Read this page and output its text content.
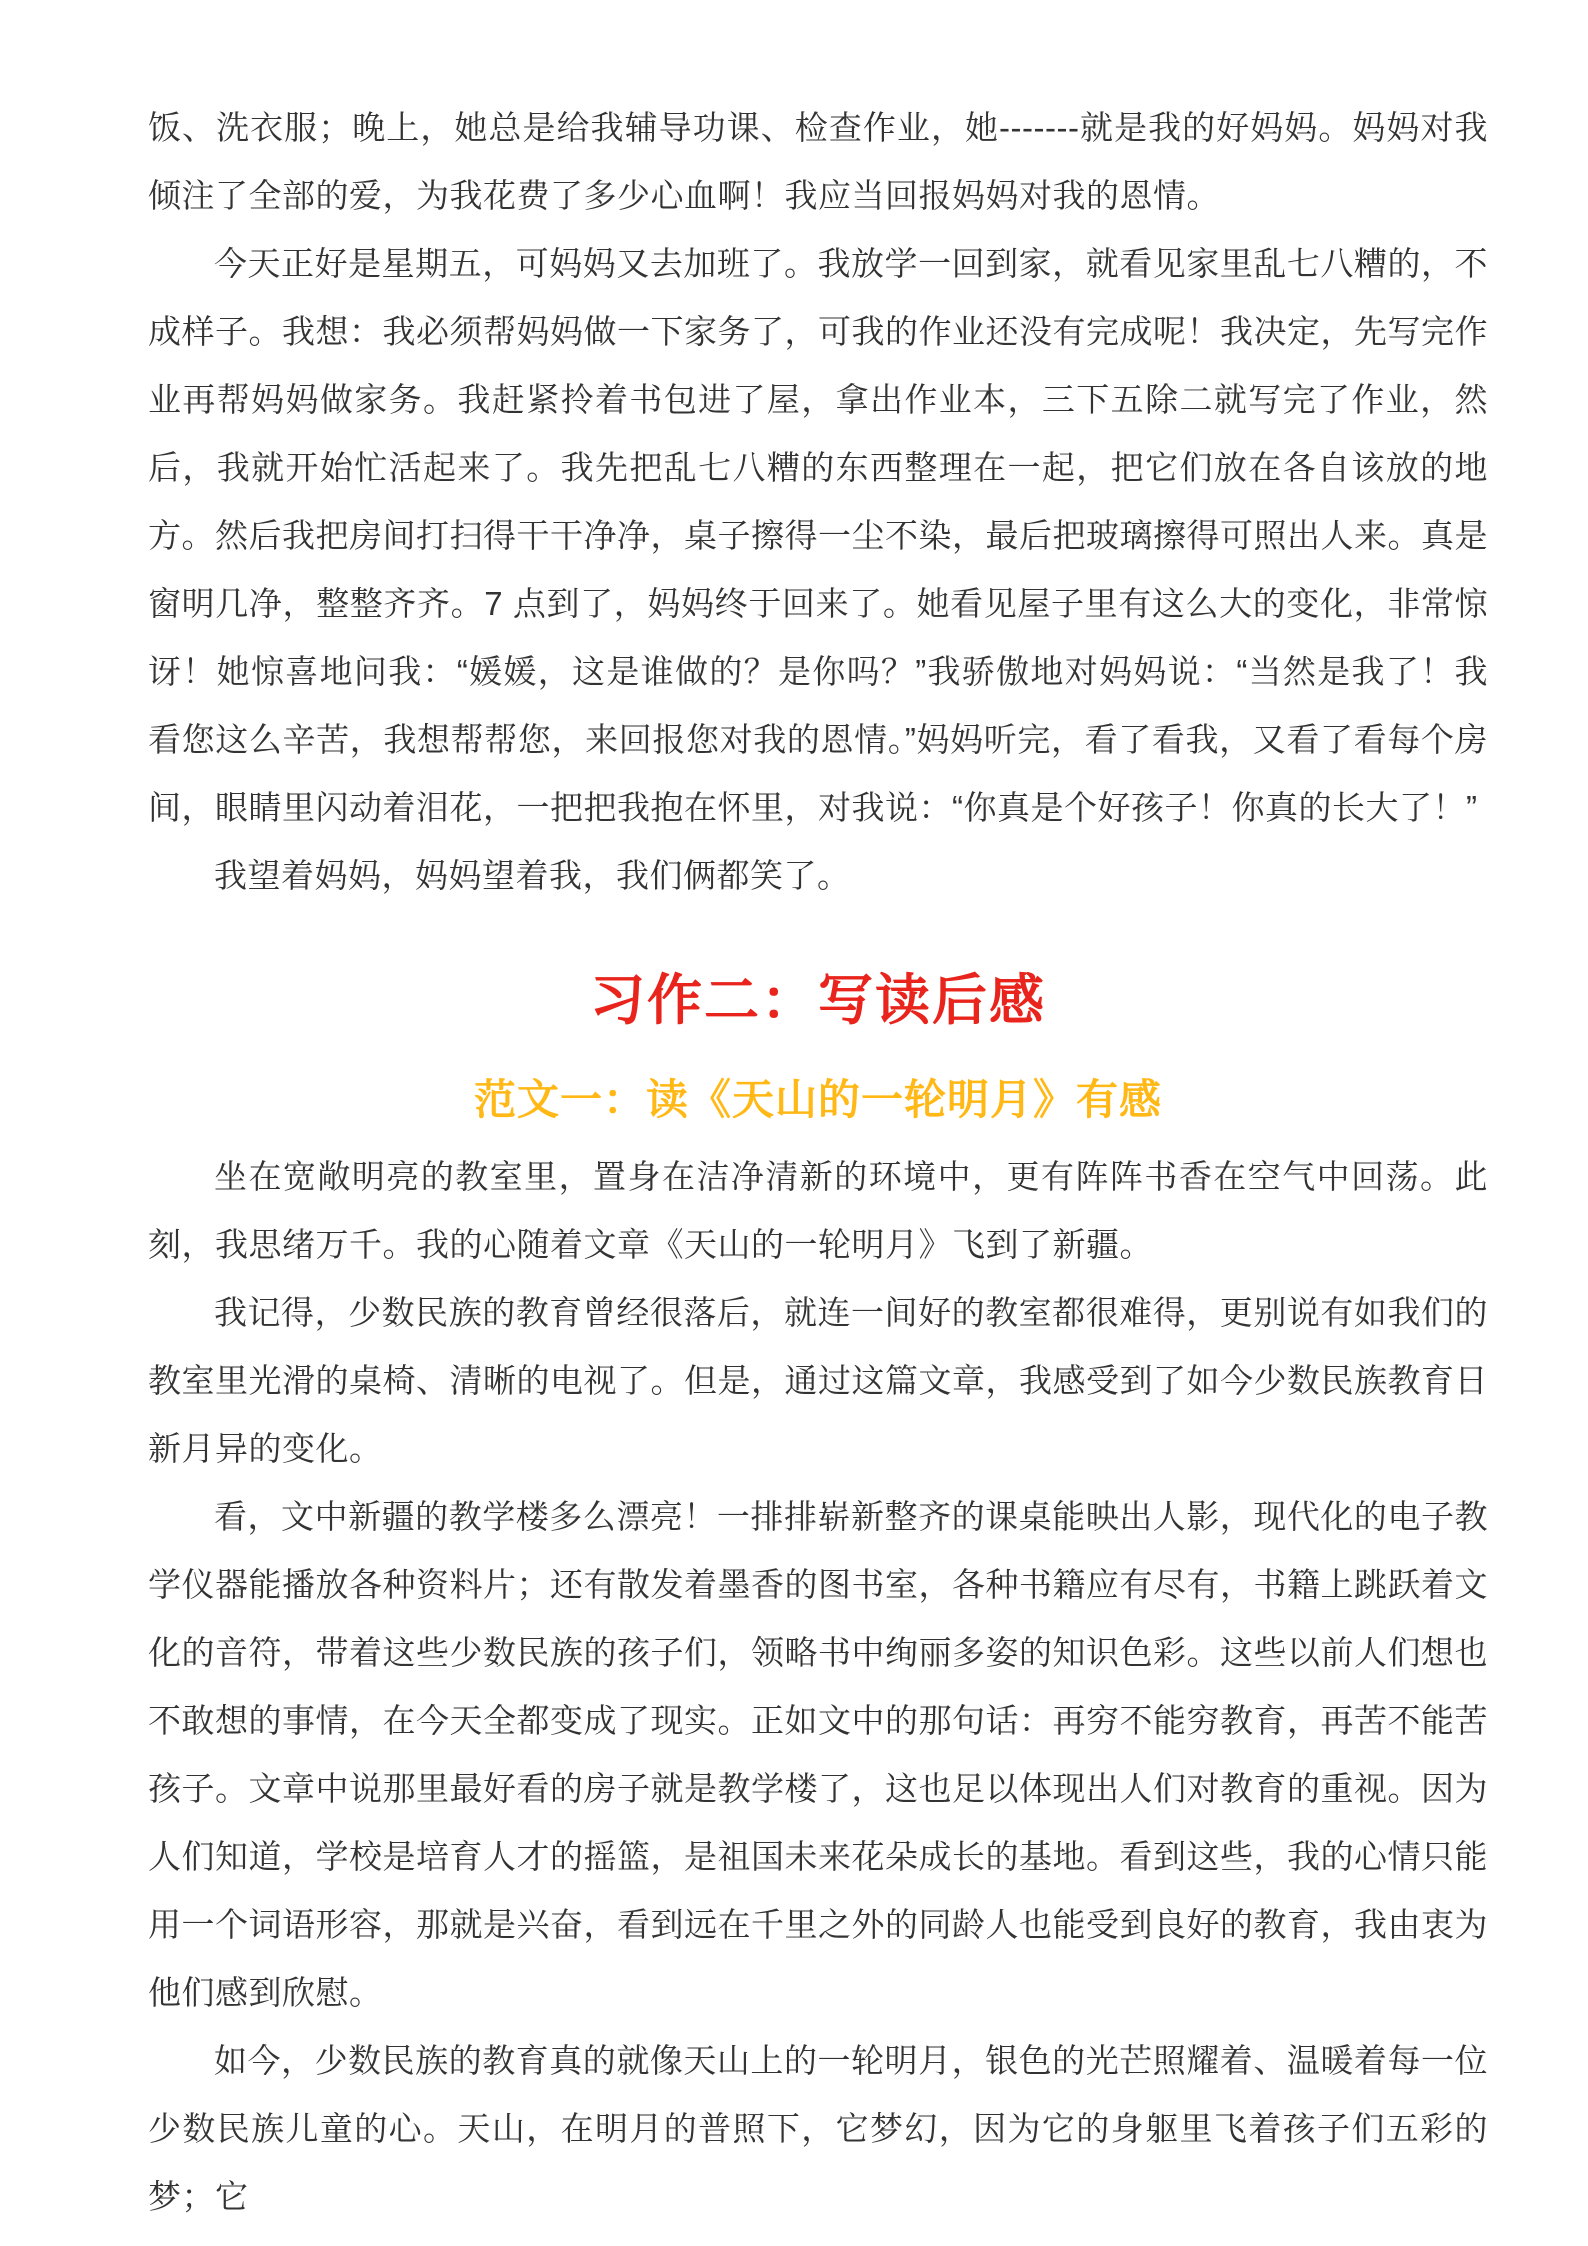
饭、洗衣服；晚上，她总是给我辅导功课、检查作业，她-------就是我的好妈妈。妈妈对我倾注了全部的爱，为我花费了多少心血啊！我应当回报妈妈对我的恩情。

今天正好是星期五，可妈妈又去加班了。我放学一回到家，就看见家里乱七八糟的，不成样子。我想：我必须帮妈妈做一下家务了，可我的作业还没有完成呢！我决定，先写完作业再帮妈妈做家务。我赶紧拎着书包进了屋，拿出作业本，三下五除二就写完了作业，然后，我就开始忙活起来了。我先把乱七八糟的东西整理在一起，把它们放在各自该放的地方。然后我把房间打扫得干干净净，桌子擦得一尘不染，最后把玻璃擦得可照出人来。真是窗明几净，整整齐齐。7 点到了，妈妈终于回来了。她看见屋子里有这么大的变化，非常惊讶！她惊喜地问我：“媛媛，这是谁做的？是你吗？”我骄傲地对妈妈说：“当然是我了！我看您这么辛苦，我想帮帮您，来回报您对我的恩情。”妈妈听完，看了看我，又看了看每个房间，眼睛里闪动着泪花，一把把我抱在怀里，对我说：“你真是个好孩子！你真的长大了！”

我望着妈妈，妈妈望着我，我们俩都笑了。

习作二：写读后感
范文一：读《天山的一轮明月》有感

坐在宽敞明亮的教室里，置身在洁净清新的环境中，更有阵阵书香在空气中回荡。此刻，我思绪万千。我的心随着文章《天山的一轮明月》飞到了新疆。

我记得，少数民族的教育曾经很落后，就连一间好的教室都很难得，更别说有如我们的教室里光滑的桌椅、清晰的电视了。但是，通过这篇文章，我感受到了如今少数民族教育日新月异的变化。

看，文中新疆的教学楼多么漂亮！一排排崭新整齐的课桌能映出人影，现代化的电子教学仪器能播放各种资料片；还有散发着墨香的图书室，各种书籍应有尽有，书籍上跳跃着文化的音符，带着这些少数民族的孩子们，领略书中绚丽多姿的知识色彩。这些以前人们想也不敢想的事情，在今天全都变成了现实。正如文中的那句话：再穷不能穷教育，再苦不能苦孩子。文章中说那里最好看的房子就是教学楼了，这也足以体现出人们对教育的重视。因为人们知道，学校是培育人才的摇篮，是祖国未来花朵成长的基地。看到这些，我的心情只能用一个词语形容，那就是兴奋，看到远在千里之外的同龄人也能受到良好的教育，我由衷为他们感到欣慰。

如今，少数民族的教育真的就像天山上的一轮明月，银色的光芒照耀着、温暖着每一位少数民族儿童的心。天山，在明月的普照下，它梦幻，因为它的身躯里飞着孩子们五彩的梦；它
